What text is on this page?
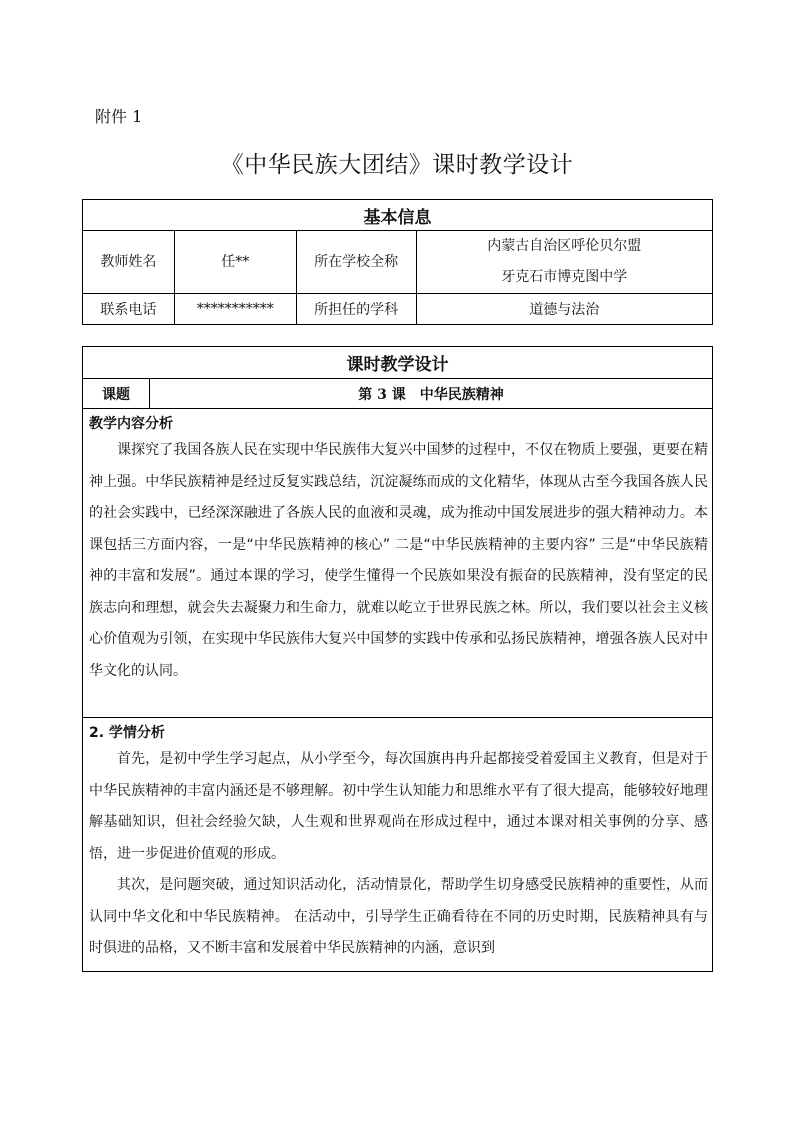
附件 1
《中华民族大团结》课时教学设计
基本信息			
教师姓名	任**	所在学校全称	内蒙古自治区呼伦贝尔盟
牙克石市博克图中学

联系电话	***********	所担任的学科	道德与法治
课时教学设计
课题	第 3 课　中华民族精神

教学内容分析

课探究了我国各族人民在实现中华民族伟大复兴中国梦的过程中，不仅在物质上要强，更要在精神上强。中华民族精神是经过反复实践总结，沉淀凝练而成的文化精华，体现从古至今我国各族人民的社会实践中，已经深深融进了各族人民的血液和灵魂，成为推动中国发展进步的强大精神动力。本课包括三方面内容，一是“中华民族精神的核心” 二是“中华民族精神的主要内容” 三是“中华民族精神的丰富和发展”。通过本课的学习，使学生懂得一个民族如果没有振奋的民族精神，没有坚定的民族志向和理想，就会失去凝聚力和生命力，就难以屹立于世界民族之林。所以，我们要以社会主义核心价值观为引领，在实现中华民族伟大复兴中国梦的实践中传承和弘扬民族精神，增强各族人民对中华文化的认同。

2. 学情分析

首先，是初中学生学习起点，从小学至今，每次国旗冉冉升起都接受着爱国主义教育，但是对于中华民族精神的丰富内涵还是不够理解。初中学生认知能力和思维水平有了很大提高，能够较好地理解基础知识，但社会经验欠缺，人生观和世界观尚在形成过程中，通过本课对相关事例的分享、感悟，进一步促进价值观的形成。

其次，是问题突破，通过知识活动化，活动情景化，帮助学生切身感受民族精神的重要性，从而认同中华文化和中华民族精神。 在活动中，引导学生正确看待在不同的历史时期，民族精神具有与时俱进的品格，又不断丰富和发展着中华民族精神的内涵，意识到
